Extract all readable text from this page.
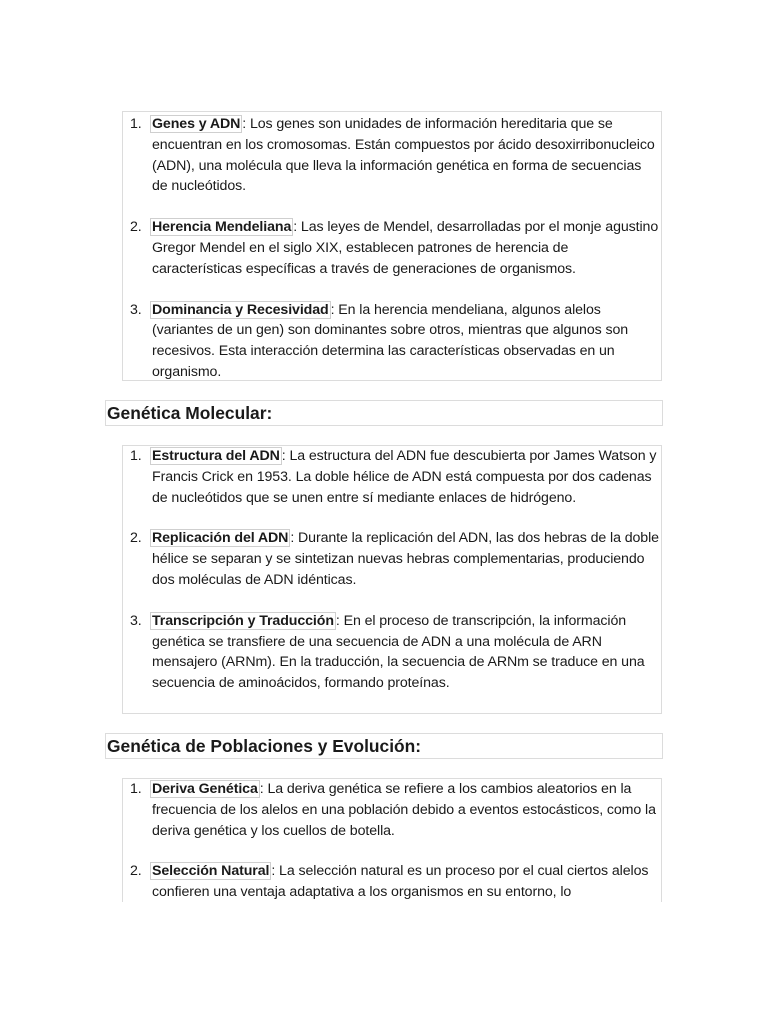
1. Genes y ADN : Los genes son unidades de información hereditaria que se encuentran en los cromosomas. Están compuestos por ácido desoxirribonucleico (ADN), una molécula que lleva la información genética en forma de secuencias de nucleótidos.
2. Herencia Mendeliana : Las leyes de Mendel, desarrolladas por el monje agustino Gregor Mendel en el siglo XIX, establecen patrones de herencia de características específicas a través de generaciones de organismos.
3. Dominancia y Recesividad : En la herencia mendeliana, algunos alelos (variantes de un gen) son dominantes sobre otros, mientras que algunos son recesivos. Esta interacción determina las características observadas en un organismo.
Genética Molecular:
1. Estructura del ADN : La estructura del ADN fue descubierta por James Watson y Francis Crick en 1953. La doble hélice de ADN está compuesta por dos cadenas de nucleótidos que se unen entre sí mediante enlaces de hidrógeno.
2. Replicación del ADN : Durante la replicación del ADN, las dos hebras de la doble hélice se separan y se sintetizan nuevas hebras complementarias, produciendo dos moléculas de ADN idénticas.
3. Transcripción y Traducción : En el proceso de transcripción, la información genética se transfiere de una secuencia de ADN a una molécula de ARN mensajero (ARNm). En la traducción, la secuencia de ARNm se traduce en una secuencia de aminoácidos, formando proteínas.
Genética de Poblaciones y Evolución:
1. Deriva Genética : La deriva genética se refiere a los cambios aleatorios en la frecuencia de los alelos en una población debido a eventos estocásticos, como la deriva genética y los cuellos de botella.
2. Selección Natural : La selección natural es un proceso por el cual ciertos alelos confieren una ventaja adaptativa a los organismos en su entorno, lo
